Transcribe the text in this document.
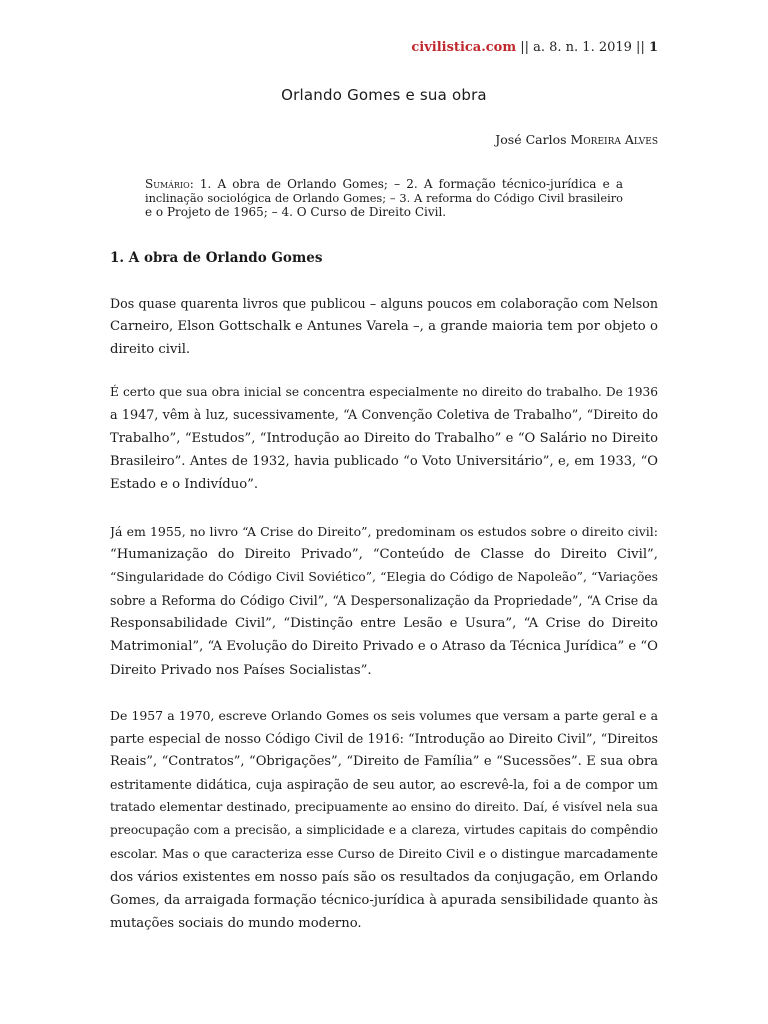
civilistica.com || a. 8. n. 1. 2019 || 1
Orlando Gomes e sua obra
José Carlos Moreira Alves
Sumário: 1. A obra de Orlando Gomes; – 2. A formação técnico-jurídica e a
inclinação sociológica de Orlando Gomes; – 3. A reforma do Código Civil brasileiro
e o Projeto de 1965; – 4. O Curso de Direito Civil.
1. A obra de Orlando Gomes
Dos quase quarenta livros que publicou – alguns poucos em colaboração com Nelson
Carneiro, Elson Gottschalk e Antunes Varela –, a grande maioria tem por objeto o
direito civil.
É certo que sua obra inicial se concentra especialmente no direito do trabalho. De 1936
a 1947, vêm à luz, sucessivamente, “A Convenção Coletiva de Trabalho”, “Direito do
Trabalho”, “Estudos”, “Introdução ao Direito do Trabalho” e “O Salário no Direito
Brasileiro”. Antes de 1932, havia publicado “o Voto Universitário”, e, em 1933, “O
Estado e o Indivíduo”.
Já em 1955, no livro “A Crise do Direito”, predominam os estudos sobre o direito civil:
“Humanização do Direito Privado”, “Conteúdo de Classe do Direito Civil”,
“Singularidade do Código Civil Soviético”, “Elegia do Código de Napoleão”, “Variações
sobre a Reforma do Código Civil”, “A Despersonalização da Propriedade”, “A Crise da
Responsabilidade Civil”, “Distinção entre Lesão e Usura”, “A Crise do Direito
Matrimonial”, “A Evolução do Direito Privado e o Atraso da Técnica Jurídica” e “O
Direito Privado nos Países Socialistas”.
De 1957 a 1970, escreve Orlando Gomes os seis volumes que versam a parte geral e a
parte especial de nosso Código Civil de 1916: “Introdução ao Direito Civil”, “Direitos
Reais”, “Contratos”, “Obrigações”, “Direito de Família” e “Sucessões”. E sua obra
estritamente didática, cuja aspiração de seu autor, ao escrevê-la, foi a de compor um
tratado elementar destinado, precipuamente ao ensino do direito. Daí, é visível nela sua
preocupação com a precisão, a simplicidade e a clareza, virtudes capitais do compêndio
escolar. Mas o que caracteriza esse Curso de Direito Civil e o distingue marcadamente
dos vários existentes em nosso país são os resultados da conjugação, em Orlando
Gomes, da arraigada formação técnico-jurídica à apurada sensibilidade quanto às
mutações sociais do mundo moderno.
